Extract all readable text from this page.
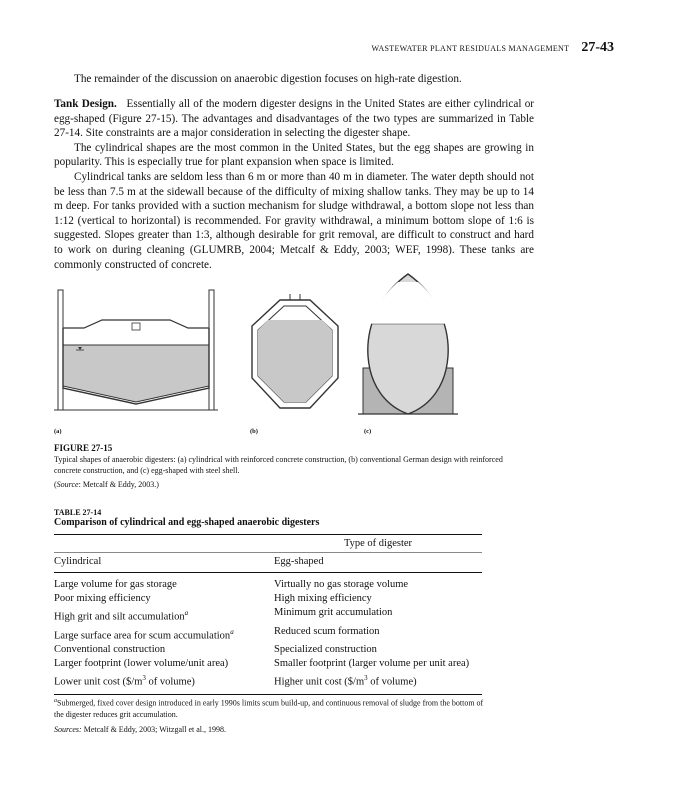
WASTEWATER PLANT RESIDUALS MANAGEMENT 27-43
The remainder of the discussion on anaerobic digestion focuses on high-rate digestion.

Tank Design. Essentially all of the modern digester designs in the United States are either cylindrical or egg-shaped (Figure 27-15). The advantages and disadvantages of the two types are summarized in Table 27-14. Site constraints are a major consideration in selecting the digester shape.

The cylindrical shapes are the most common in the United States, but the egg shapes are growing in popularity. This is especially true for plant expansion when space is limited.

Cylindrical tanks are seldom less than 6 m or more than 40 m in diameter. The water depth should not be less than 7.5 m at the sidewall because of the difficulty of mixing shallow tanks. They may be up to 14 m deep. For tanks provided with a suction mechanism for sludge withdrawal, a bottom slope not less than 1:12 (vertical to horizontal) is recommended. For gravity withdrawal, a minimum bottom slope of 1:6 is suggested. Slopes greater than 1:3, although desirable for grit removal, are difficult to construct and hard to work on during cleaning (GLUMRB, 2004; Metcalf & Eddy, 2003; WEF, 1998). These tanks are commonly constructed of concrete.

(a)	(b)	(c)
FIGURE 27-15
Typical shapes of anaerobic digesters: (a) cylindrical with reinforced concrete construction, (b) conventional German design with reinforced concrete construction, and (c) egg-shaped with steel shell.
(Source: Metcalf & Eddy, 2003.)
TABLE 27-14
Comparison of cylindrical and egg-shaped anaerobic digesters
Type of digester
Cylindrical	Egg-shaped
Large volume for gas storage	Virtually no gas storage volume
Poor mixing efficiency	High mixing efficiency
High grit and silt accumulation$^a$	Minimum grit accumulation
Large surface area for scum accumulation$^a$	Reduced scum formation
Conventional construction	Specialized construction
Larger footprint (lower volume/unit area)	Smaller footprint (larger volume per unit area)
Lower unit cost ($\$/m^3$ of volume)	Higher unit cost ($\$/m^3$ of volume)
$^a$Submerged, fixed cover design introduced in early 1990s limits scum build-up, and continuous removal of sludge from the bottom of the digester reduces grit accumulation.
Sources: Metcalf & Eddy, 2003; Witzgall et al., 1998.
